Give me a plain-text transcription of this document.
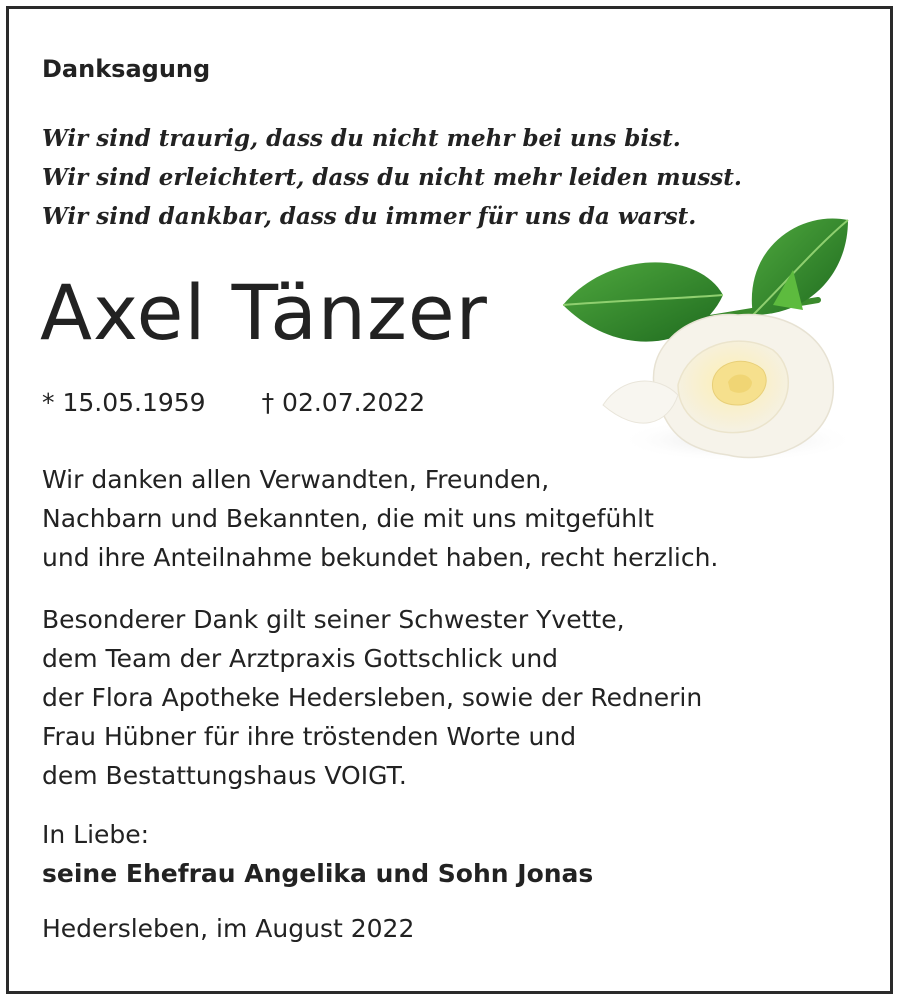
Danksagung
Wir sind traurig, dass du nicht mehr bei uns bist.
Wir sind erleichtert, dass du nicht mehr leiden musst.
Wir sind dankbar, dass du immer für uns da warst.
Axel Tänzer
* 15.05.1959 † 02.07.2022
Wir danken allen Verwandten, Freunden,
Nachbarn und Bekannten, die mit uns mitgefühlt
und ihre Anteilnahme bekundet haben, recht herzlich.
Besonderer Dank gilt seiner Schwester Yvette,
dem Team der Arztpraxis Gottschlick und
der Flora Apotheke Hedersleben, sowie der Rednerin
Frau Hübner für ihre tröstenden Worte und
dem Bestattungshaus VOIGT.
In Liebe:
seine Ehefrau Angelika und Sohn Jonas
Hedersleben, im August 2022
